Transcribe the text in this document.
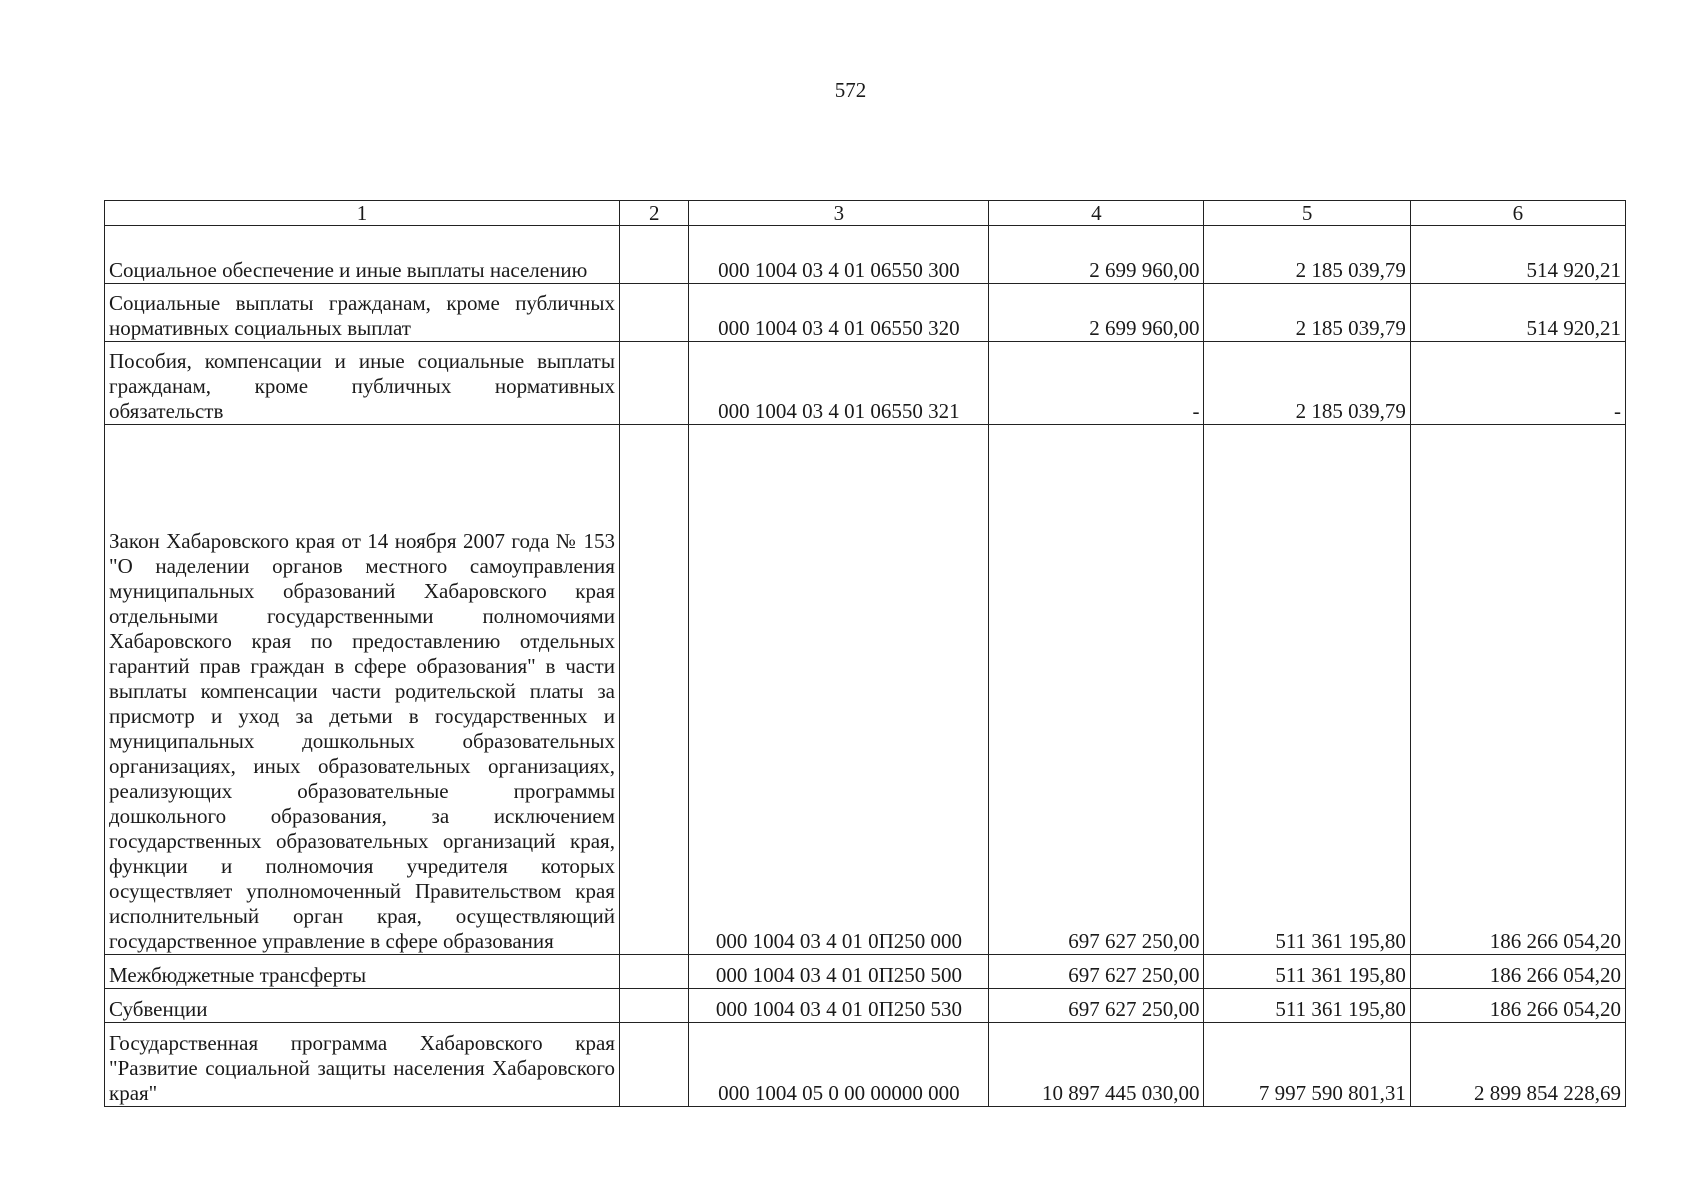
572
1	2	3	4	5	6
Социальное обеспечение и иные выплаты населению		000 1004 03 4 01 06550 300	2 699 960,00	2 185 039,79	514 920,21
Социальные выплаты гражданам, кроме публичных нормативных социальных выплат		000 1004 03 4 01 06550 320	2 699 960,00	2 185 039,79	514 920,21
Пособия, компенсации и иные социальные выплаты гражданам, кроме публичных нормативных обязательств		000 1004 03 4 01 06550 321	-	2 185 039,79	-
Закон Хабаровского края от 14 ноября 2007 года № 153 "О наделении органов местного самоуправления муниципальных образований Хабаровского края отдельными государственными полномочиями Хабаровского края по предоставлению отдельных гарантий прав граждан в сфере образования" в части выплаты компенсации части родительской платы за присмотр и уход за детьми в государственных и муниципальных дошкольных образовательных организациях, иных образовательных организациях, реализующих образовательные программы дошкольного образования, за исключением государственных образовательных организаций края, функции и полномочия учредителя которых осуществляет уполномоченный Правительством края исполнительный орган края, осуществляющий государственное управление в сфере образования		000 1004 03 4 01 0П250 000	697 627 250,00	511 361 195,80	186 266 054,20
Межбюджетные трансферты		000 1004 03 4 01 0П250 500	697 627 250,00	511 361 195,80	186 266 054,20
Субвенции		000 1004 03 4 01 0П250 530	697 627 250,00	511 361 195,80	186 266 054,20
Государственная программа Хабаровского края "Развитие социальной защиты населения Хабаровского края"		000 1004 05 0 00 00000 000	10 897 445 030,00	7 997 590 801,31	2 899 854 228,69
